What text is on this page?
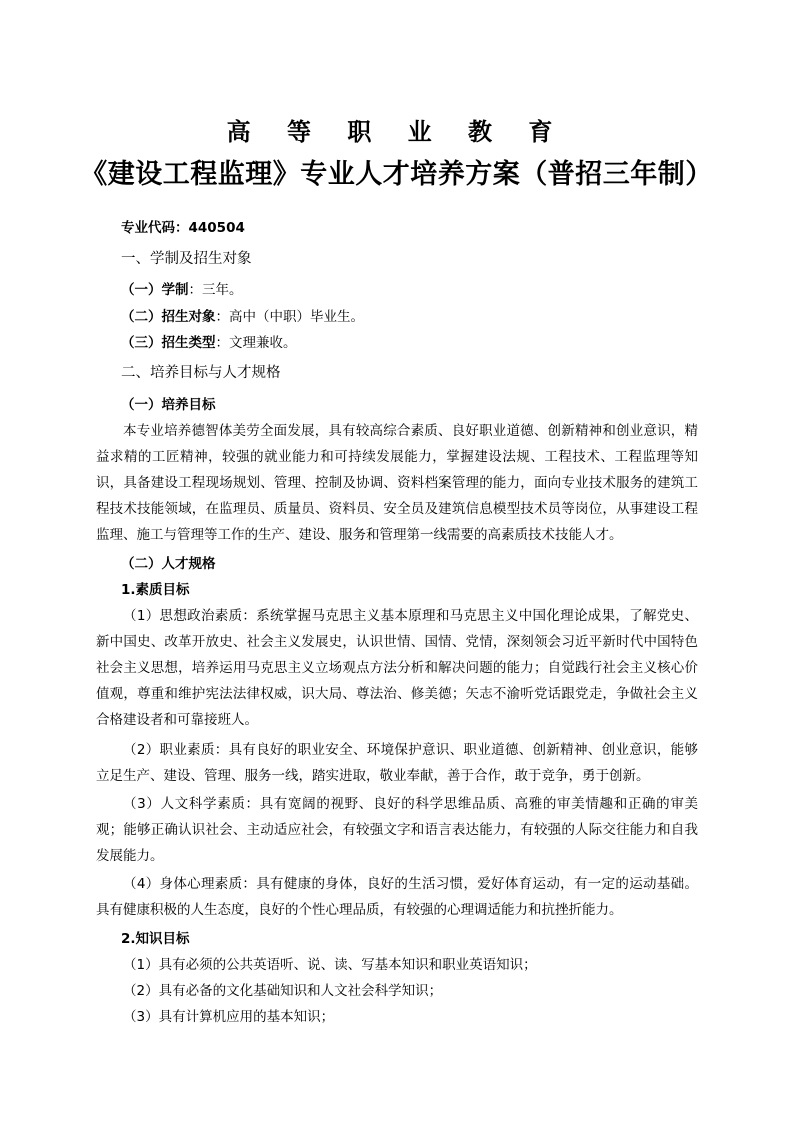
高 等 职 业 教 育
《建设工程监理》专业人才培养方案（普招三年制）
专业代码：440504
一、学制及招生对象
（一）学制：三年。
（二）招生对象：高中（中职）毕业生。
（三）招生类型：文理兼收。
二、培养目标与人才规格
（一）培养目标

本专业培养德智体美劳全面发展，具有较高综合素质、良好职业道德、创新精神和创业意识，精益求精的工匠精神，较强的就业能力和可持续发展能力，掌握建设法规、工程技术、工程监理等知识，具备建设工程现场规划、管理、控制及协调、资料档案管理的能力，面向专业技术服务的建筑工程技术技能领域，在监理员、质量员、资料员、安全员及建筑信息模型技术员等岗位，从事建设工程监理、施工与管理等工作的生产、建设、服务和管理第一线需要的高素质技术技能人才。

（二）人才规格
1.素质目标

（1）思想政治素质：系统掌握马克思主义基本原理和马克思主义中国化理论成果，了解党史、新中国史、改革开放史、社会主义发展史，认识世情、国情、党情，深刻领会习近平新时代中国特色社会主义思想，培养运用马克思主义立场观点方法分析和解决问题的能力；自觉践行社会主义核心价值观，尊重和维护宪法法律权威，识大局、尊法治、修美德；矢志不渝听党话跟党走，争做社会主义合格建设者和可靠接班人。

（2）职业素质：具有良好的职业安全、环境保护意识、职业道德、创新精神、创业意识，能够立足生产、建设、管理、服务一线，踏实进取，敬业奉献，善于合作，敢于竞争，勇于创新。

（3）人文科学素质：具有宽阔的视野、良好的科学思维品质、高雅的审美情趣和正确的审美观；能够正确认识社会、主动适应社会，有较强文字和语言表达能力，有较强的人际交往能力和自我发展能力。

（4）身体心理素质：具有健康的身体，良好的生活习惯，爱好体育运动，有一定的运动基础。具有健康积极的人生态度，良好的个性心理品质，有较强的心理调适能力和抗挫折能力。

2.知识目标

（1）具有必须的公共英语听、说、读、写基本知识和职业英语知识；

（2）具有必备的文化基础知识和人文社会科学知识；

（3）具有计算机应用的基本知识；
